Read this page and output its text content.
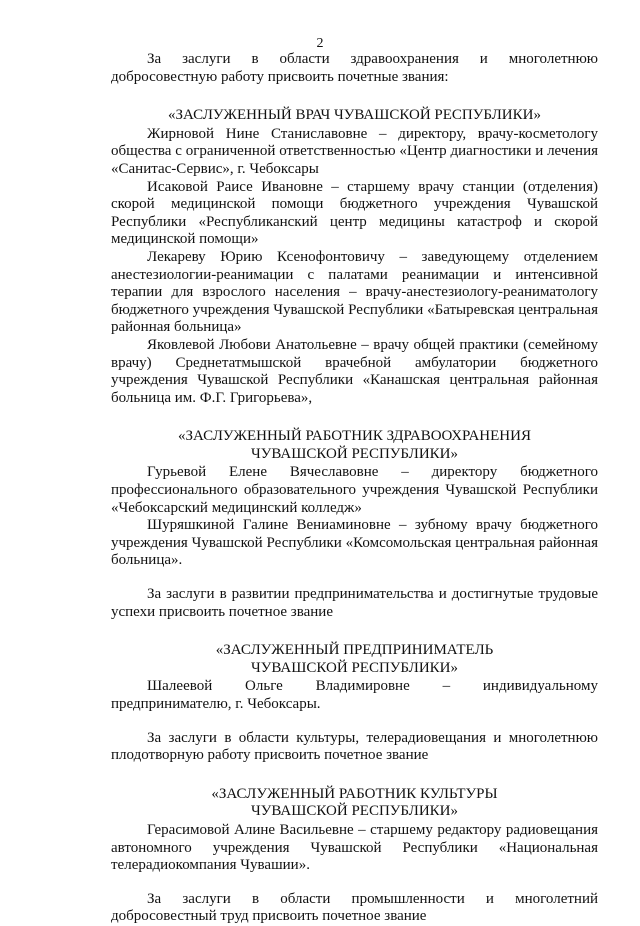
2

За заслуги в области здравоохранения и многолетнюю добросовестную работу присвоить почетные звания:

«ЗАСЛУЖЕННЫЙ ВРАЧ ЧУВАШСКОЙ РЕСПУБЛИКИ»

Жирновой Нине Станиславовне – директору, врачу-косметологу общества с ограниченной ответственностью «Центр диагностики и лечения «Санитас-Сервис», г. Чебоксары

Исаковой Раисе Ивановне – старшему врачу станции (отделения) скорой медицинской помощи бюджетного учреждения Чувашской Республики «Республиканский центр медицины катастроф и скорой медицинской помощи»

Лекареву Юрию Ксенофонтовичу – заведующему отделением анестезиологии-реанимации с палатами реанимации и интенсивной терапии для взрослого населения – врачу-анестезиологу-реаниматологу бюджетного учреждения Чувашской Республики «Батыревская центральная районная больница»

Яковлевой Любови Анатольевне – врачу общей практики (семейному врачу) Среднетатмышской врачебной амбулатории бюджетного учреждения Чувашской Республики «Канашская центральная районная больница им. Ф.Г. Григорьева»,

«ЗАСЛУЖЕННЫЙ РАБОТНИК ЗДРАВООХРАНЕНИЯ
ЧУВАШСКОЙ РЕСПУБЛИКИ»

Гурьевой Елене Вячеславовне – директору бюджетного профессионального образовательного учреждения Чувашской Республики «Чебоксарский медицинский колледж»

Шуряшкиной Галине Вениаминовне – зубному врачу бюджетного учреждения Чувашской Республики «Комсомольская центральная районная больница».

За заслуги в развитии предпринимательства и достигнутые трудовые успехи присвоить почетное звание

«ЗАСЛУЖЕННЫЙ ПРЕДПРИНИМАТЕЛЬ
ЧУВАШСКОЙ РЕСПУБЛИКИ»

Шалеевой Ольге Владимировне – индивидуальному предпринимателю, г. Чебоксары.

За заслуги в области культуры, телерадиовещания и многолетнюю плодотворную работу присвоить почетное звание

«ЗАСЛУЖЕННЫЙ РАБОТНИК КУЛЬТУРЫ
ЧУВАШСКОЙ РЕСПУБЛИКИ»

Герасимовой Алине Васильевне – старшему редактору радиовещания автономного учреждения Чувашской Республики «Национальная телерадиокомпания Чувашии».

За заслуги в области промышленности и многолетний добросовестный труд присвоить почетное звание
